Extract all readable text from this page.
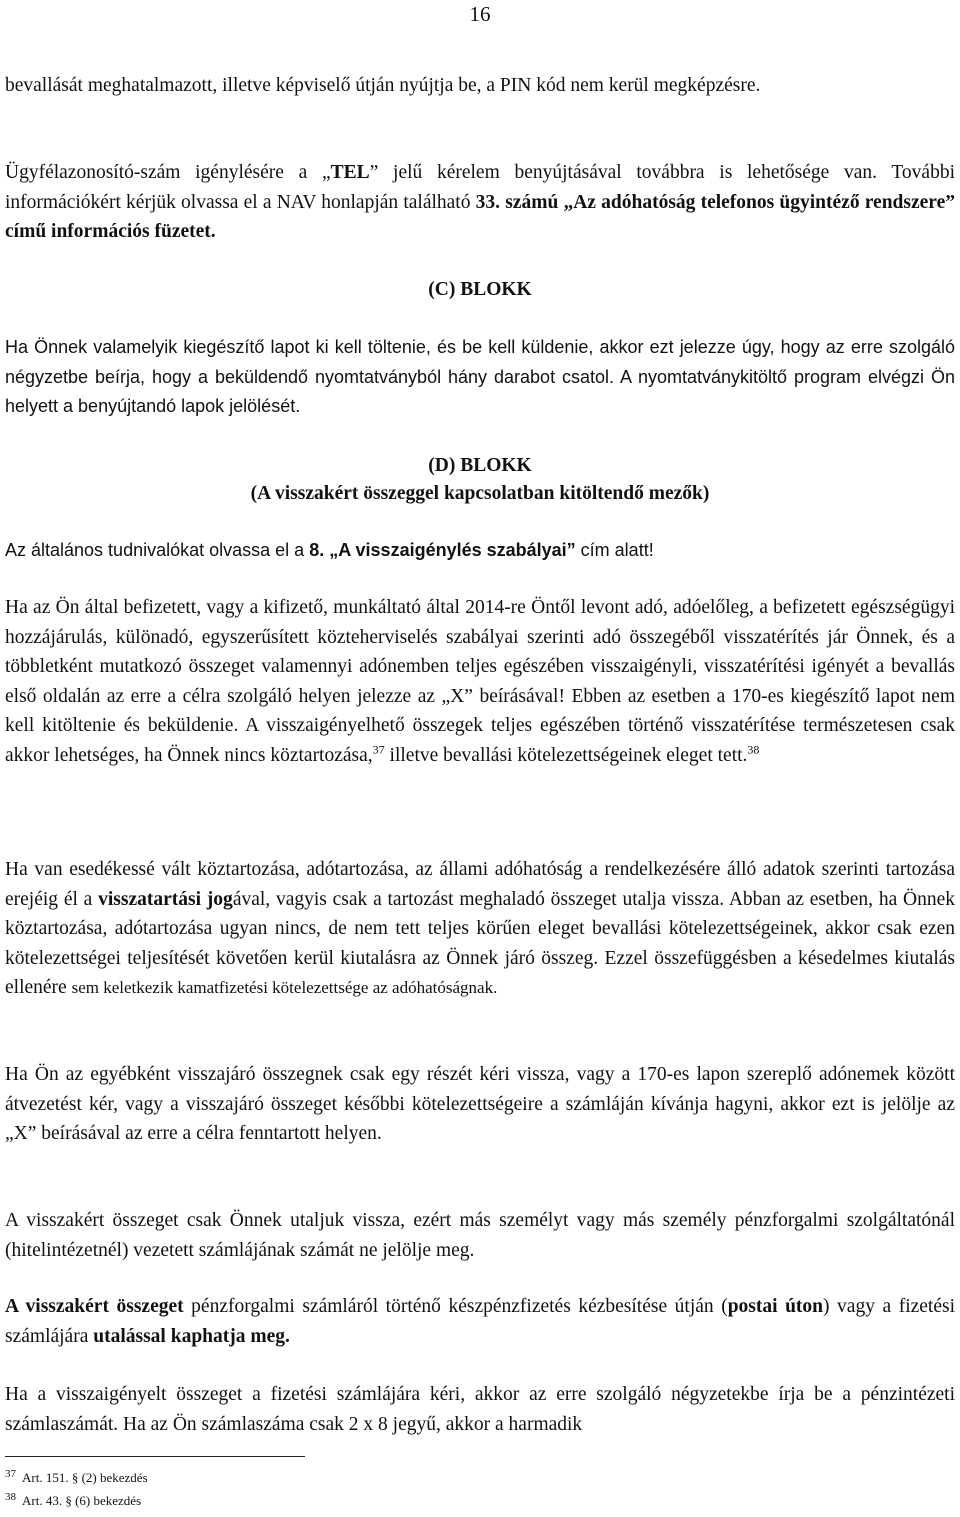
16

bevallását meghatalmazott, illetve képviselő útján nyújtja be, a PIN kód nem kerül megképzésre.

Ügyfélazonosító-szám igénylésére a „TEL” jelű kérelem benyújtásával továbbra is lehetősége van. További információkért kérjük olvassa el a NAV honlapján található 33. számú „Az adóhatóság telefonos ügyintéző rendszere” című információs füzetet.

(C) BLOKK

Ha Önnek valamelyik kiegészítő lapot ki kell töltenie, és be kell küldenie, akkor ezt jelezze úgy, hogy az erre szolgáló négyzetbe beírja, hogy a beküldendő nyomtatványból hány darabot csatol. A nyomtatványkitöltő program elvégzi Ön helyett a benyújtandó lapok jelölését.

(D) BLOKK

(A visszakért összeggel kapcsolatban kitöltendő mezők)

Az általános tudnivalókat olvassa el a 8. „A visszaigénylés szabályai” cím alatt!

Ha az Ön által befizetett, vagy a kifizető, munkáltató által 2014-re Öntől levont adó, adóelőleg, a befizetett egészségügyi hozzájárulás, különadó, egyszerűsített közteherviselés szabályai szerinti adó összegéből visszatérítés jár Önnek, és a többletként mutatkozó összeget valamennyi adónemben teljes egészében visszaigényli, visszatérítési igényét a bevallás első oldalán az erre a célra szolgáló helyen jelezze az „X” beírásával! Ebben az esetben a 170-es kiegészítő lapot nem kell kitöltenie és beküldenie. A visszaigényelhető összegek teljes egészében történő visszatérítése természetesen csak akkor lehetséges, ha Önnek nincs köztartozása,$^{37}$ illetve bevallási kötelezettségeinek eleget tett.$^{38}$

Ha van esedékessé vált köztartozása, adótartozása, az állami adóhatóság a rendelkezésére álló adatok szerinti tartozása erejéig él a visszatartási jogával, vagyis csak a tartozást meghaladó összeget utalja vissza. Abban az esetben, ha Önnek köztartozása, adótartozása ugyan nincs, de nem tett teljes körűen eleget bevallási kötelezettségeinek, akkor csak ezen kötelezettségei teljesítését követően kerül kiutalásra az Önnek járó összeg. Ezzel összefüggésben a késedelmes kiutalás ellenére sem keletkezik kamatfizetési kötelezettsége az adóhatóságnak.

Ha Ön az egyébként visszajáró összegnek csak egy részét kéri vissza, vagy a 170-es lapon szereplő adónemek között átvezetést kér, vagy a visszajáró összeget későbbi kötelezettségeire a számláján kívánja hagyni, akkor ezt is jelölje az „X” beírásával az erre a célra fenntartott helyen.

A visszakért összeget csak Önnek utaljuk vissza, ezért más személyt vagy más személy pénzforgalmi szolgáltatónál (hitelintézetnél) vezetett számlájának számát ne jelölje meg.

A visszakért összeget pénzforgalmi számláról történő készpénzfizetés kézbesítése útján (postai úton) vagy a fizetési számlájára utalással kaphatja meg.

Ha a visszaigényelt összeget a fizetési számlájára kéri, akkor az erre szolgáló négyzetekbe írja be a pénzintézeti számlaszámát. Ha az Ön számlaszáma csak 2 x 8 jegyű, akkor a harmadik

$^{37}$ Art. 151. § (2) bekezdés
$^{38}$ Art. 43. § (6) bekezdés
